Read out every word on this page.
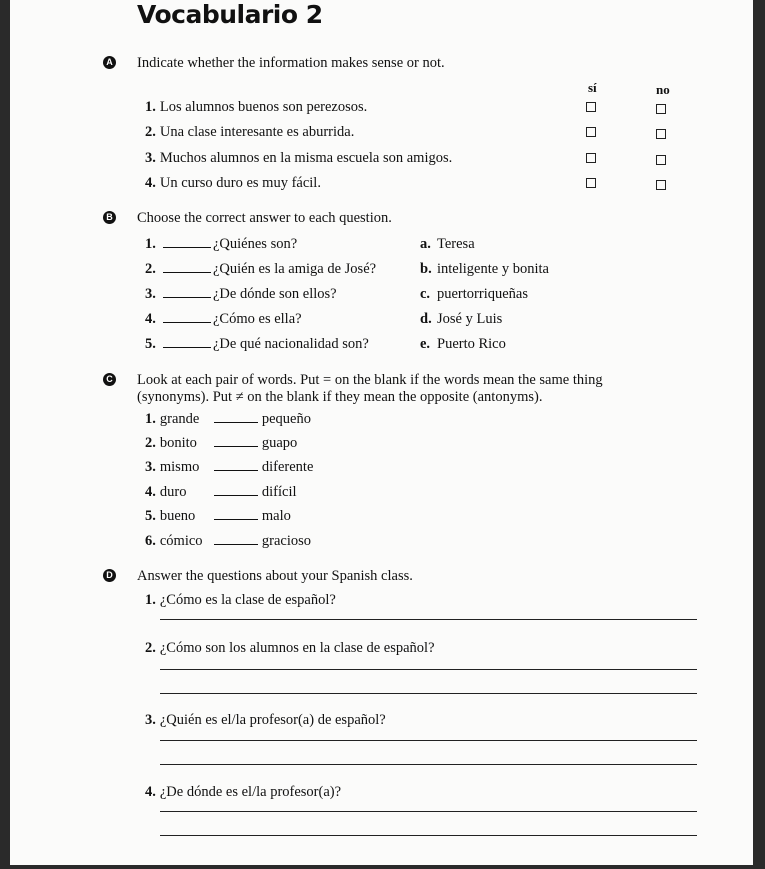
Vocabulario 2
A Indicate whether the information makes sense or not.
sí	no
1. Los alumnos buenos son perezosos.
2. Una clase interesante es aburrida.
3. Muchos alumnos en la misma escuela son amigos.
4. Un curso duro es muy fácil.
B Choose the correct answer to each question.
1.	¿Quiénes son?	a. Teresa
2.	¿Quién es la amiga de José?	b. inteligente y bonita
3.	¿De dónde son ellos?	c. puertorriqueñas
4.	¿Cómo es ella?	d. José y Luis
5.	¿De qué nacionalidad son?	e. Puerto Rico
C Look at each pair of words. Put = on the blank if the words mean the same thing
(synonyms). Put ≠ on the blank if they mean the opposite (antonyms).
1. grande	pequeño
2. bonito	guapo
3. mismo	diferente
4. duro	difícil
5. bueno	malo
6. cómico	gracioso
D Answer the questions about your Spanish class.
1. ¿Cómo es la clase de español?
2. ¿Cómo son los alumnos en la clase de español?
3. ¿Quién es el/la profesor(a) de español?
4. ¿De dónde es el/la profesor(a)?
